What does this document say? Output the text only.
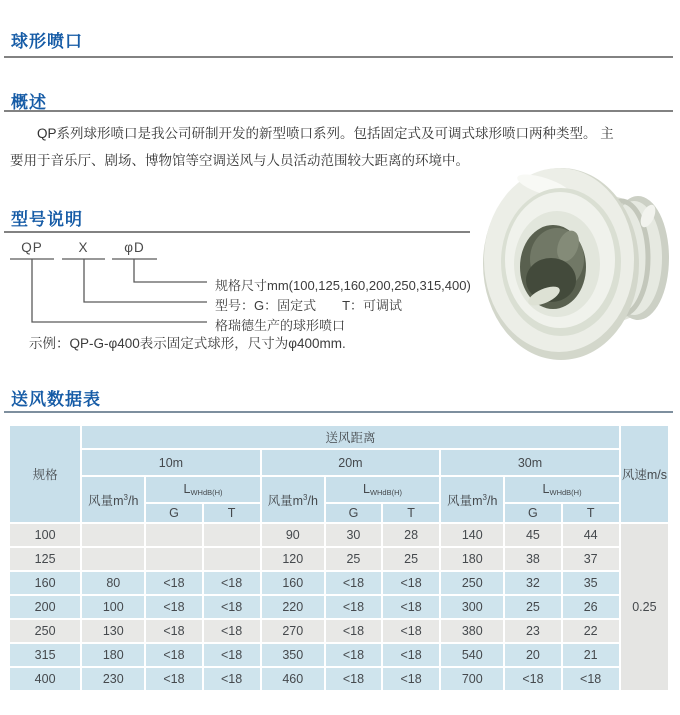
球形喷口
概述
QP系列球形喷口是我公司研制开发的新型喷口系列。包括固定式及可调式球形喷口两种类型。 主
要用于音乐厅、剧场、博物馆等空调送风与人员活动范围较大距离的环境中。
型号说明
QP	X	φD
规格尺寸mm(100,125,160,200,250,315,400)
型号：G：固定式　　T：可调试
格瑞德生产的球形喷口
示例：QP-G-φ400表示固定式球形，尺寸为φ400mm.
送风数据表
规格	送风距离									风速m/s
	10m			20m			30m			
	风量$m^3/h$	$L_{WHdB(H)}$		风量$m^3/h$	$L_{WHdB(H)}$		风量$m^3/h$	$L_{WHdB(H)}$
		G	T		G	T		G	T	
100				90	30	28	140	45	44	0.25
125				120	25	25	180	38	37	
160	80	<18	<18	160	<18	<18	250	32	35	
200	100	<18	<18	220	<18	<18	300	25	26	
250	130	<18	<18	270	<18	<18	380	23	22	
315	180	<18	<18	350	<18	<18	540	20	21	
400	230	<18	<18	460	<18	<18	700	<18	<18	
